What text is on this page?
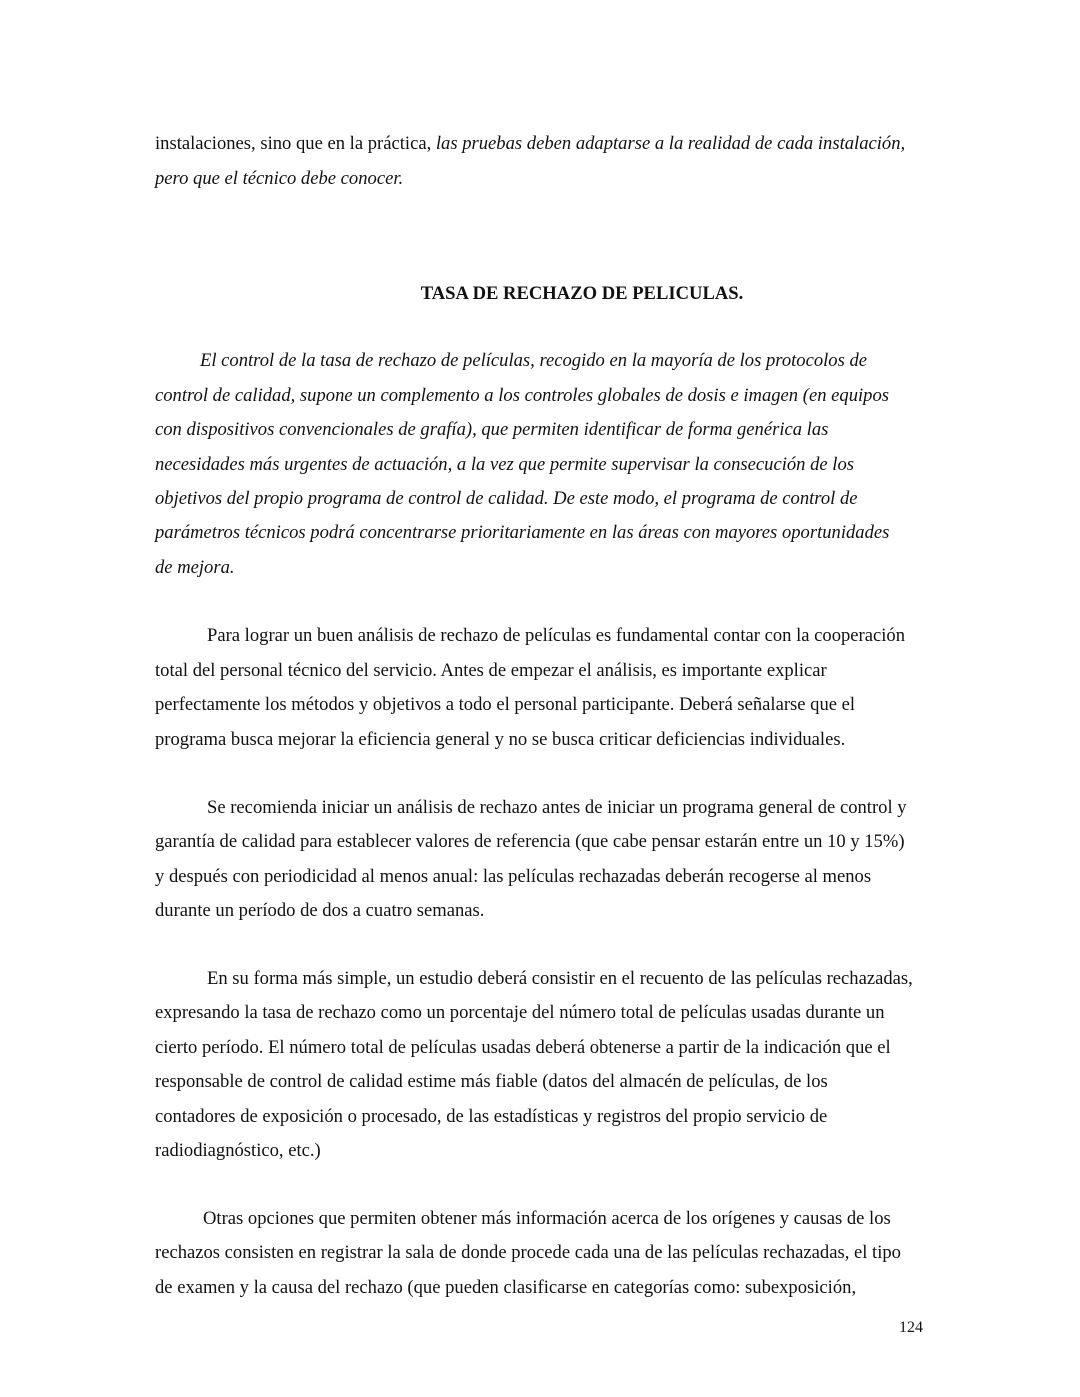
instalaciones, sino que en la práctica, las pruebas deben adaptarse a la realidad de cada instalación,

pero que el técnico debe conocer.

TASA DE RECHAZO DE PELICULAS.

El control de la tasa de rechazo de películas, recogido en la mayoría de los protocolos de

control de calidad, supone un complemento a los controles globales de dosis e imagen (en equipos

con dispositivos convencionales de grafía), que permiten identificar de forma genérica las

necesidades más urgentes de actuación, a la vez que permite supervisar la consecución de los

objetivos del propio programa de control de calidad. De este modo, el programa de control de

parámetros técnicos podrá concentrarse prioritariamente en las áreas con mayores oportunidades

de mejora.

Para lograr un buen análisis de rechazo de películas es fundamental contar con la cooperación

total del personal técnico del servicio. Antes de empezar el análisis, es importante explicar

perfectamente los métodos y objetivos a todo el personal participante. Deberá señalarse que el

programa busca mejorar la eficiencia general y no se busca criticar deficiencias individuales.

Se recomienda iniciar un análisis de rechazo antes de iniciar un programa general de control y

garantía de calidad para establecer valores de referencia (que cabe pensar estarán entre un 10 y 15%)

y después con periodicidad al menos anual: las películas rechazadas deberán recogerse al menos

durante un período de dos a cuatro semanas.

En su forma más simple, un estudio deberá consistir en el recuento de las películas rechazadas,

expresando la tasa de rechazo como un porcentaje del número total de películas usadas durante un

cierto período. El número total de películas usadas deberá obtenerse a partir de la indicación que el

responsable de control de calidad estime más fiable (datos del almacén de películas, de los

contadores de exposición o procesado, de las estadísticas y registros del propio servicio de

radiodiagnóstico, etc.)

Otras opciones que permiten obtener más información acerca de los orígenes y causas de los

rechazos consisten en registrar la sala de donde procede cada una de las películas rechazadas, el tipo

de examen y la causa del rechazo (que pueden clasificarse en categorías como: subexposición,

124
